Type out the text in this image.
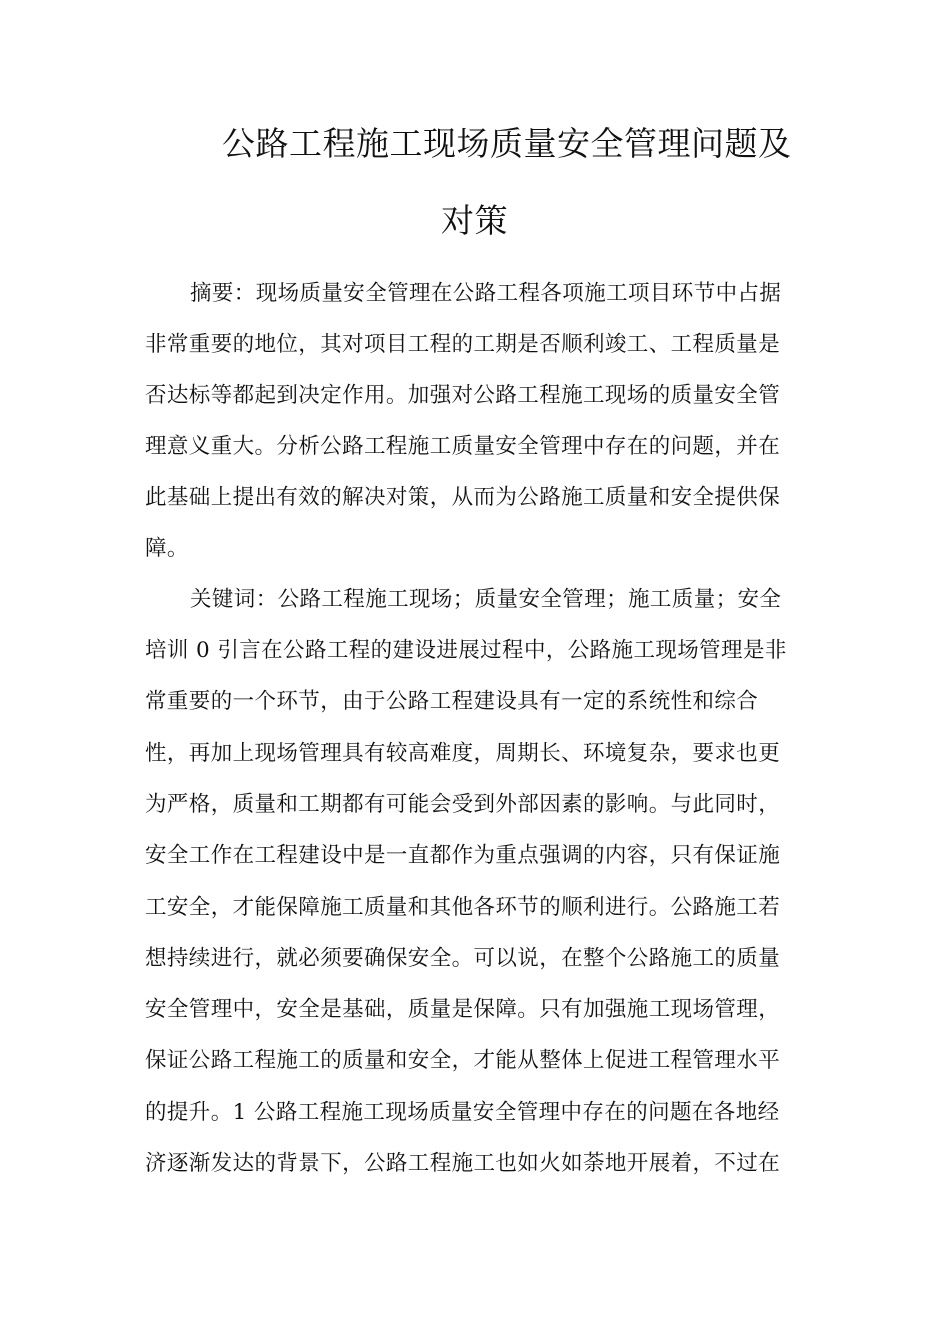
公路工程施工现场质量安全管理问题及
对策
摘要：现场质量安全管理在公路工程各项施工项目环节中占据
非常重要的地位，其对项目工程的工期是否顺利竣工、工程质量是
否达标等都起到决定作用。加强对公路工程施工现场的质量安全管
理意义重大。分析公路工程施工质量安全管理中存在的问题，并在
此基础上提出有效的解决对策，从而为公路施工质量和安全提供保
障。
关键词：公路工程施工现场；质量安全管理；施工质量；安全
培训 0 引言在公路工程的建设进展过程中，公路施工现场管理是非
常重要的一个环节，由于公路工程建设具有一定的系统性和综合
性，再加上现场管理具有较高难度，周期长、环境复杂，要求也更
为严格，质量和工期都有可能会受到外部因素的影响。与此同时，
安全工作在工程建设中是一直都作为重点强调的内容，只有保证施
工安全，才能保障施工质量和其他各环节的顺利进行。公路施工若
想持续进行，就必须要确保安全。可以说，在整个公路施工的质量
安全管理中，安全是基础，质量是保障。只有加强施工现场管理，
保证公路工程施工的质量和安全，才能从整体上促进工程管理水平
的提升。1 公路工程施工现场质量安全管理中存在的问题在各地经
济逐渐发达的背景下，公路工程施工也如火如荼地开展着，不过在
